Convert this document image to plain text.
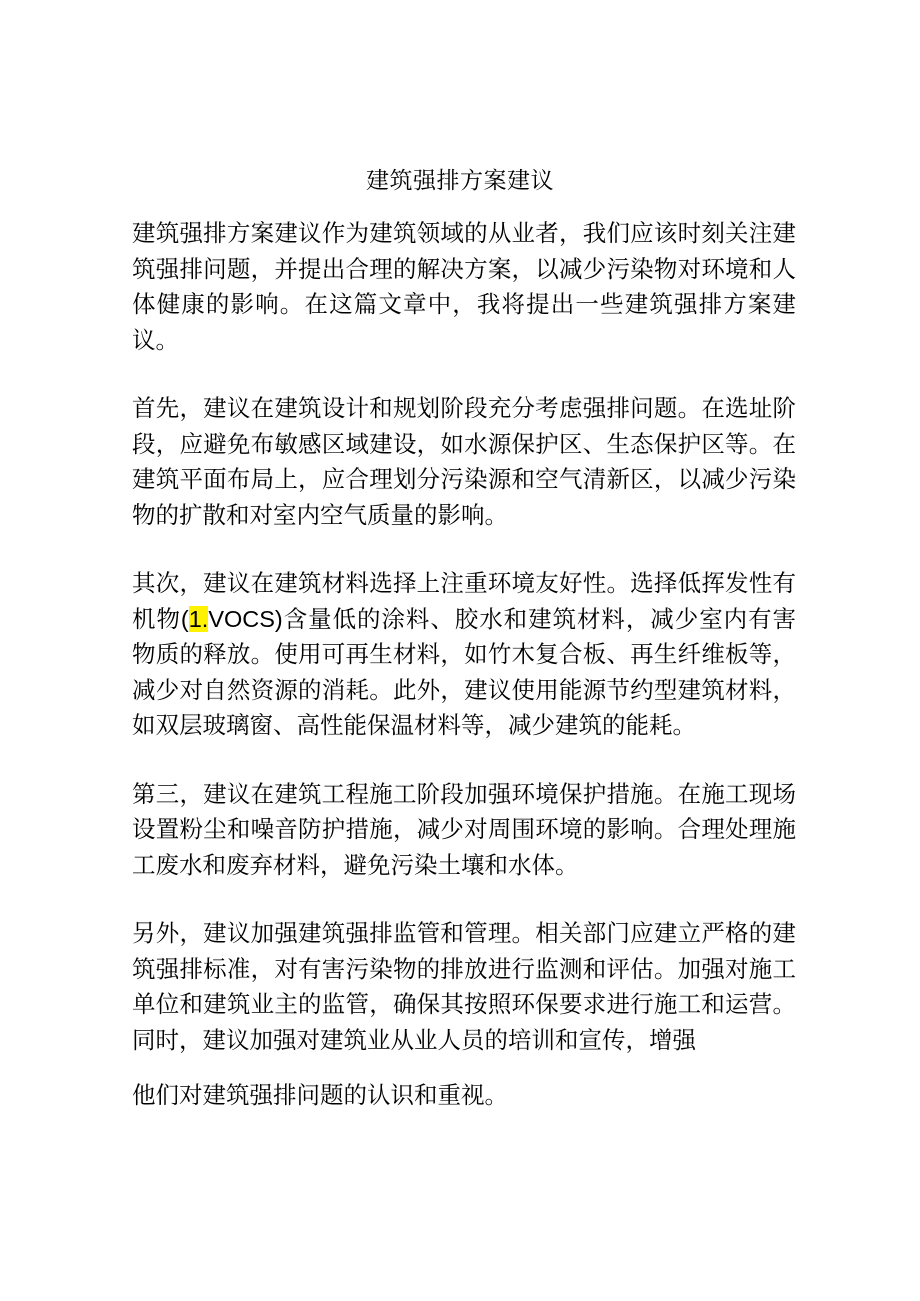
建筑强排方案建议

建筑强排方案建议作为建筑领域的从业者，我们应该时刻关注建筑强排问题，并提出合理的解决方案，以减少污染物对环境和人体健康的影响。在这篇文章中，我将提出一些建筑强排方案建议。

首先，建议在建筑设计和规划阶段充分考虑强排问题。在选址阶段，应避免布敏感区域建设，如水源保护区、生态保护区等。在建筑平面布局上，应合理划分污染源和空气清新区，以减少污染物的扩散和对室内空气质量的影响。

其次，建议在建筑材料选择上注重环境友好性。选择低挥发性有机物(1.VOCS)含量低的涂料、胶水和建筑材料，减少室内有害物质的释放。使用可再生材料，如竹木复合板、再生纤维板等，减少对自然资源的消耗。此外，建议使用能源节约型建筑材料，如双层玻璃窗、高性能保温材料等，减少建筑的能耗。

第三，建议在建筑工程施工阶段加强环境保护措施。在施工现场设置粉尘和噪音防护措施，减少对周围环境的影响。合理处理施工废水和废弃材料，避免污染土壤和水体。

另外，建议加强建筑强排监管和管理。相关部门应建立严格的建筑强排标准，对有害污染物的排放进行监测和评估。加强对施工单位和建筑业主的监管，确保其按照环保要求进行施工和运营。同时，建议加强对建筑业从业人员的培训和宣传，增强

他们对建筑强排问题的认识和重视。
